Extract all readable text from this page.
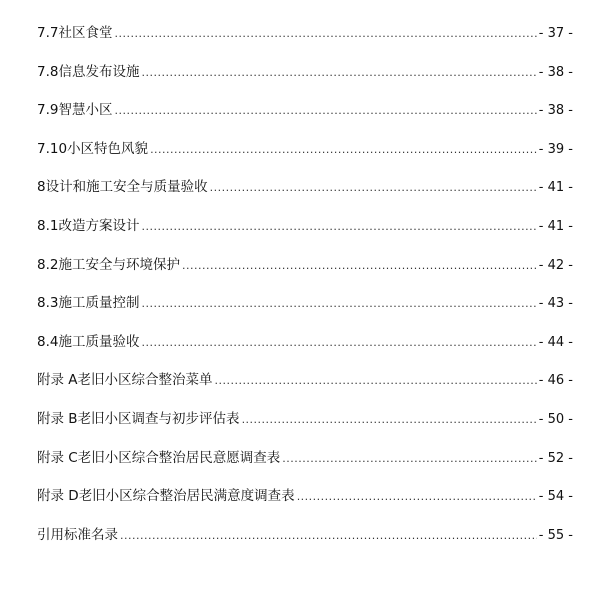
7.7 社区食堂 .....	- 37 -
7.8 信息发布设施 .....	- 38 -
7.9 智慧小区 .....	- 38 -
7.10 小区特色风貌 .....	- 39 -
8 设计和施工安全与质量验收 .....	- 41 -
8.1 改造方案设计 .....	- 41 -
8.2 施工安全与环境保护 .....	- 42 -
8.3 施工质量控制 .....	- 43 -
8.4 施工质量验收 .....	- 44 -
附录 A 老旧小区综合整治菜单 .....	- 46 -
附录 B 老旧小区调查与初步评估表 .....	- 50 -
附录 C 老旧小区综合整治居民意愿调查表 .....	- 52 -
附录 D 老旧小区综合整治居民满意度调查表 .....	- 54 -
引用标准名录 .....	- 55 -
